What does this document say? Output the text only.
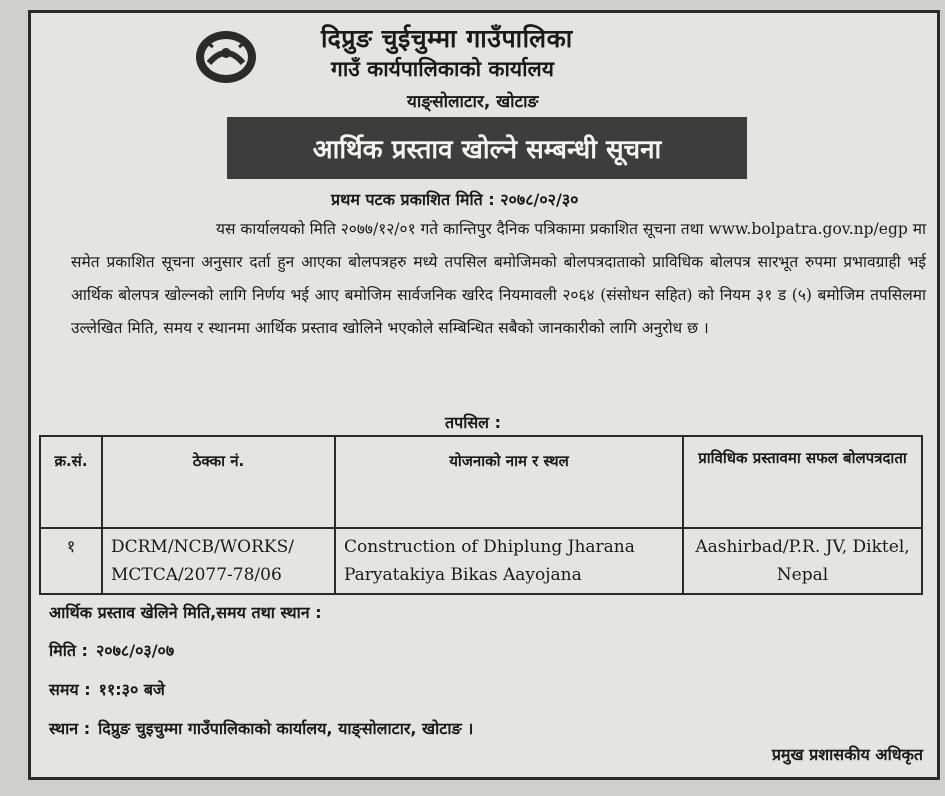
दिप्रुङ चुईचुम्मा गाउँपालिका
गाउँ कार्यपालिकाको कार्यालय
याङ्सोलाटार, खोटाङ
आर्थिक प्रस्ताव खोल्ने सम्बन्धी सूचना
प्रथम पटक प्रकाशित मिति : २०७८/०२/३०

यस कार्यालयको मिति २०७७/१२/०१ गते कान्तिपुर दैनिक पत्रिकामा प्रकाशित सूचना तथा www.bolpatra.gov.np/egp मा समेत प्रकाशित सूचना अनुसार दर्ता हुन आएका बोलपत्रहरु मध्ये तपसिल बमोजिमको बोलपत्रदाताको प्राविधिक बोलपत्र सारभूत रुपमा प्रभावग्राही भई आर्थिक बोलपत्र खोल्नको लागि निर्णय भई आए बमोजिम सार्वजनिक खरिद नियमावली २०६४ (संसोधन सहित) को नियम ३१ ड (५) बमोजिम तपसिलमा उल्लेखित मिति, समय र स्थानमा आर्थिक प्रस्ताव खोलिने भएकोले सम्बिन्धित सबैको जानकारीको लागि अनुरोध छ ।

तपसिल :
क्र.सं.	ठेक्का नं.	योजनाको नाम र स्थल	प्राविधिक प्रस्तावमा सफल बोलपत्रदाता
१	DCRM/NCB/WORKS/ MCTCA/2077-78/06	Construction of Dhiplung Jharana Paryatakiya Bikas Aayojana	Aashirbad/P.R. JV, Diktel, Nepal
आर्थिक प्रस्ताव खेलिने मिति,समय तथा स्थान :
मिति : २०७८/०३/०७
समय : ११:३० बजे
स्थान : दिप्रुङ चुइचुम्मा गाउँपालिकाको कार्यालय, याङ्सोलाटार, खोटाङ ।
प्रमुख प्रशासकीय अधिकृत
